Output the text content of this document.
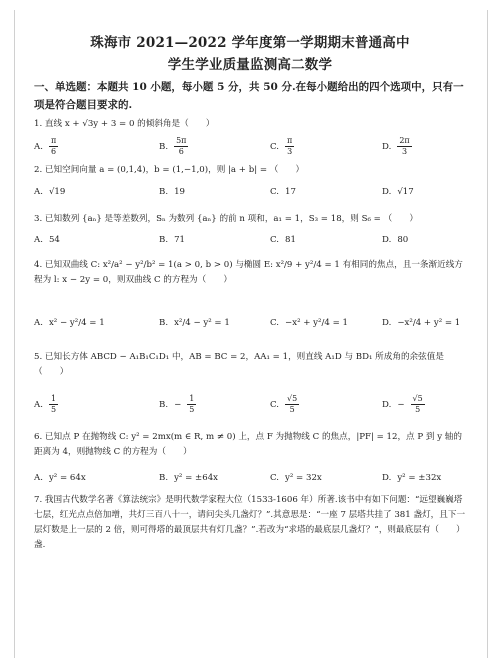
珠海市 2021—2022 学年度第一学期期末普通高中
学生学业质量监测高二数学
一、单选题：本题共 10 小题，每小题 5 分，共 50 分.在每小题给出的四个选项中，只有一项是符合题目要求的.
1. 直线 x + √3y + 3 = 0 的倾斜角是（　　）
A. $\frac{\pi}{6}$	B. $\frac{5\pi}{6}$	C. $\frac{\pi}{3}$	D. $\frac{2\pi}{3}$
2. 已知空间向量 a = (0,1,4)，b = (1,−1,0)，则 |a + b| = （　　）
A. √19	B. 19	C. 17	D. √17
3. 已知数列 {aₙ} 是等差数列，Sₙ 为数列 {aₙ} 的前 n 项和，a₁ = 1，S₃ = 18，则 S₆ = （　　）
A. 54	B. 71	C. 81	D. 80
4. 已知双曲线 C: x²/a² − y²/b² = 1(a > 0, b > 0) 与椭圆 E: x²/9 + y²/4 = 1 有相同的焦点，且一条渐近线方程为 l: x − 2y = 0，则双曲线 C 的方程为（　　）
A. x² − y²/4 = 1	B. x²/4 − y² = 1	C. −x² + y²/4 = 1	D. −x²/4 + y² = 1
5. 已知长方体 ABCD − A₁B₁C₁D₁ 中，AB = BC = 2，AA₁ = 1，则直线 A₁D 与 BD₁ 所成角的余弦值是（　　）
A. $\frac{1}{5}$	B. − $\frac{1}{5}$	C. $\frac{√5}{5}$	D. − $\frac{√5}{5}$
6. 已知点 P 在抛物线 C: y² = 2mx(m ∈ R, m ≠ 0) 上，点 F 为抛物线 C 的焦点，|PF| = 12，点 P 到 y 轴的距离为 4，则抛物线 C 的方程为（　　）
A. y² = 64x	B. y² = ±64x	C. y² = 32x	D. y² = ±32x
7. 我国古代数学名著《算法统宗》是明代数学家程大位（1533-1606 年）所著.该书中有如下问题：“远望巍巍塔七层，红光点点倍加增，共灯三百八十一，请问尖头几盏灯？”.其意思是：“一座 7 层塔共挂了 381 盏灯，且下一层灯数是上一层的 2 倍，则可得塔的最顶层共有灯几盏？”.若改为“求塔的最底层几盏灯？”，则最底层有（　　）盏.
